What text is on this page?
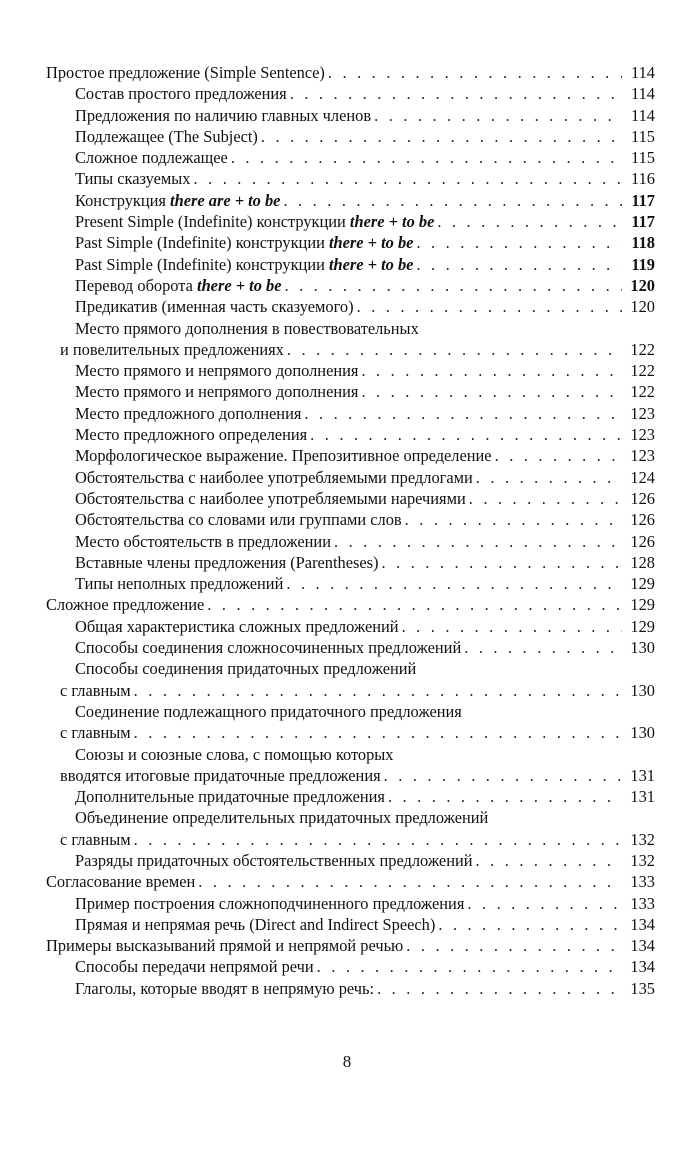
Простое предложение (Simple Sentence) . . .	114
Состав простого предложения . . .	114
Предложения по наличию главных членов . . .	114
Подлежащее (The Subject) . . .	115
Сложное подлежащее . . .	115
Типы сказуемых . . .	116
Конструкция there are + to be . . .	117
Present Simple (Indefinite) конструкции there + to be . . .	117
Past Simple (Indefinite) конструкции there + to be . . .	118
Past Simple (Indefinite) конструкции there + to be . . .	119
Перевод оборота there + to be . . .	120
Предикатив (именная часть сказуемого) . . .	120
Место прямого дополнения в повествовательных
и повелительных предложениях . . .	122
Место прямого и непрямого дополнения . . .	122
Место прямого и непрямого дополнения . . .	122
Место предложного дополнения . . .	123
Место предложного определения . . .	123
Морфологическое выражение. Препозитивное определение . . .	123
Обстоятельства с наиболее употребляемыми предлогами . . .	124
Обстоятельства с наиболее употребляемыми наречиями . . .	126
Обстоятельства со словами или группами слов . . .	126
Место обстоятельств в предложении . . .	126
Вставные члены предложения (Parentheses) . . .	128
Типы неполных предложений . . .	129
Сложное предложение . . .	129
Общая характеристика сложных предложений . . .	129
Способы соединения сложносочиненных предложений . . .	130
Способы соединения придаточных предложений
с главным . . .	130
Соединение подлежащного придаточного предложения
с главным . . .	130
Союзы и союзные слова, с помощью которых
вводятся итоговые придаточные предложения . . .	131
Дополнительные придаточные предложения . . .	131
Объединение определительных придаточных предложений
с главным . . .	132
Разряды придаточных обстоятельственных предложений . . .	132
Согласование времен . . .	133
Пример построения сложноподчиненного предложения . . .	133
Прямая и непрямая речь (Direct and Indirect Speech) . . .	134
Примеры высказываний прямой и непрямой речью . . .	134
Способы передачи непрямой речи . . .	134
Глаголы, которые вводят в непрямую речь: . . .	135
8
